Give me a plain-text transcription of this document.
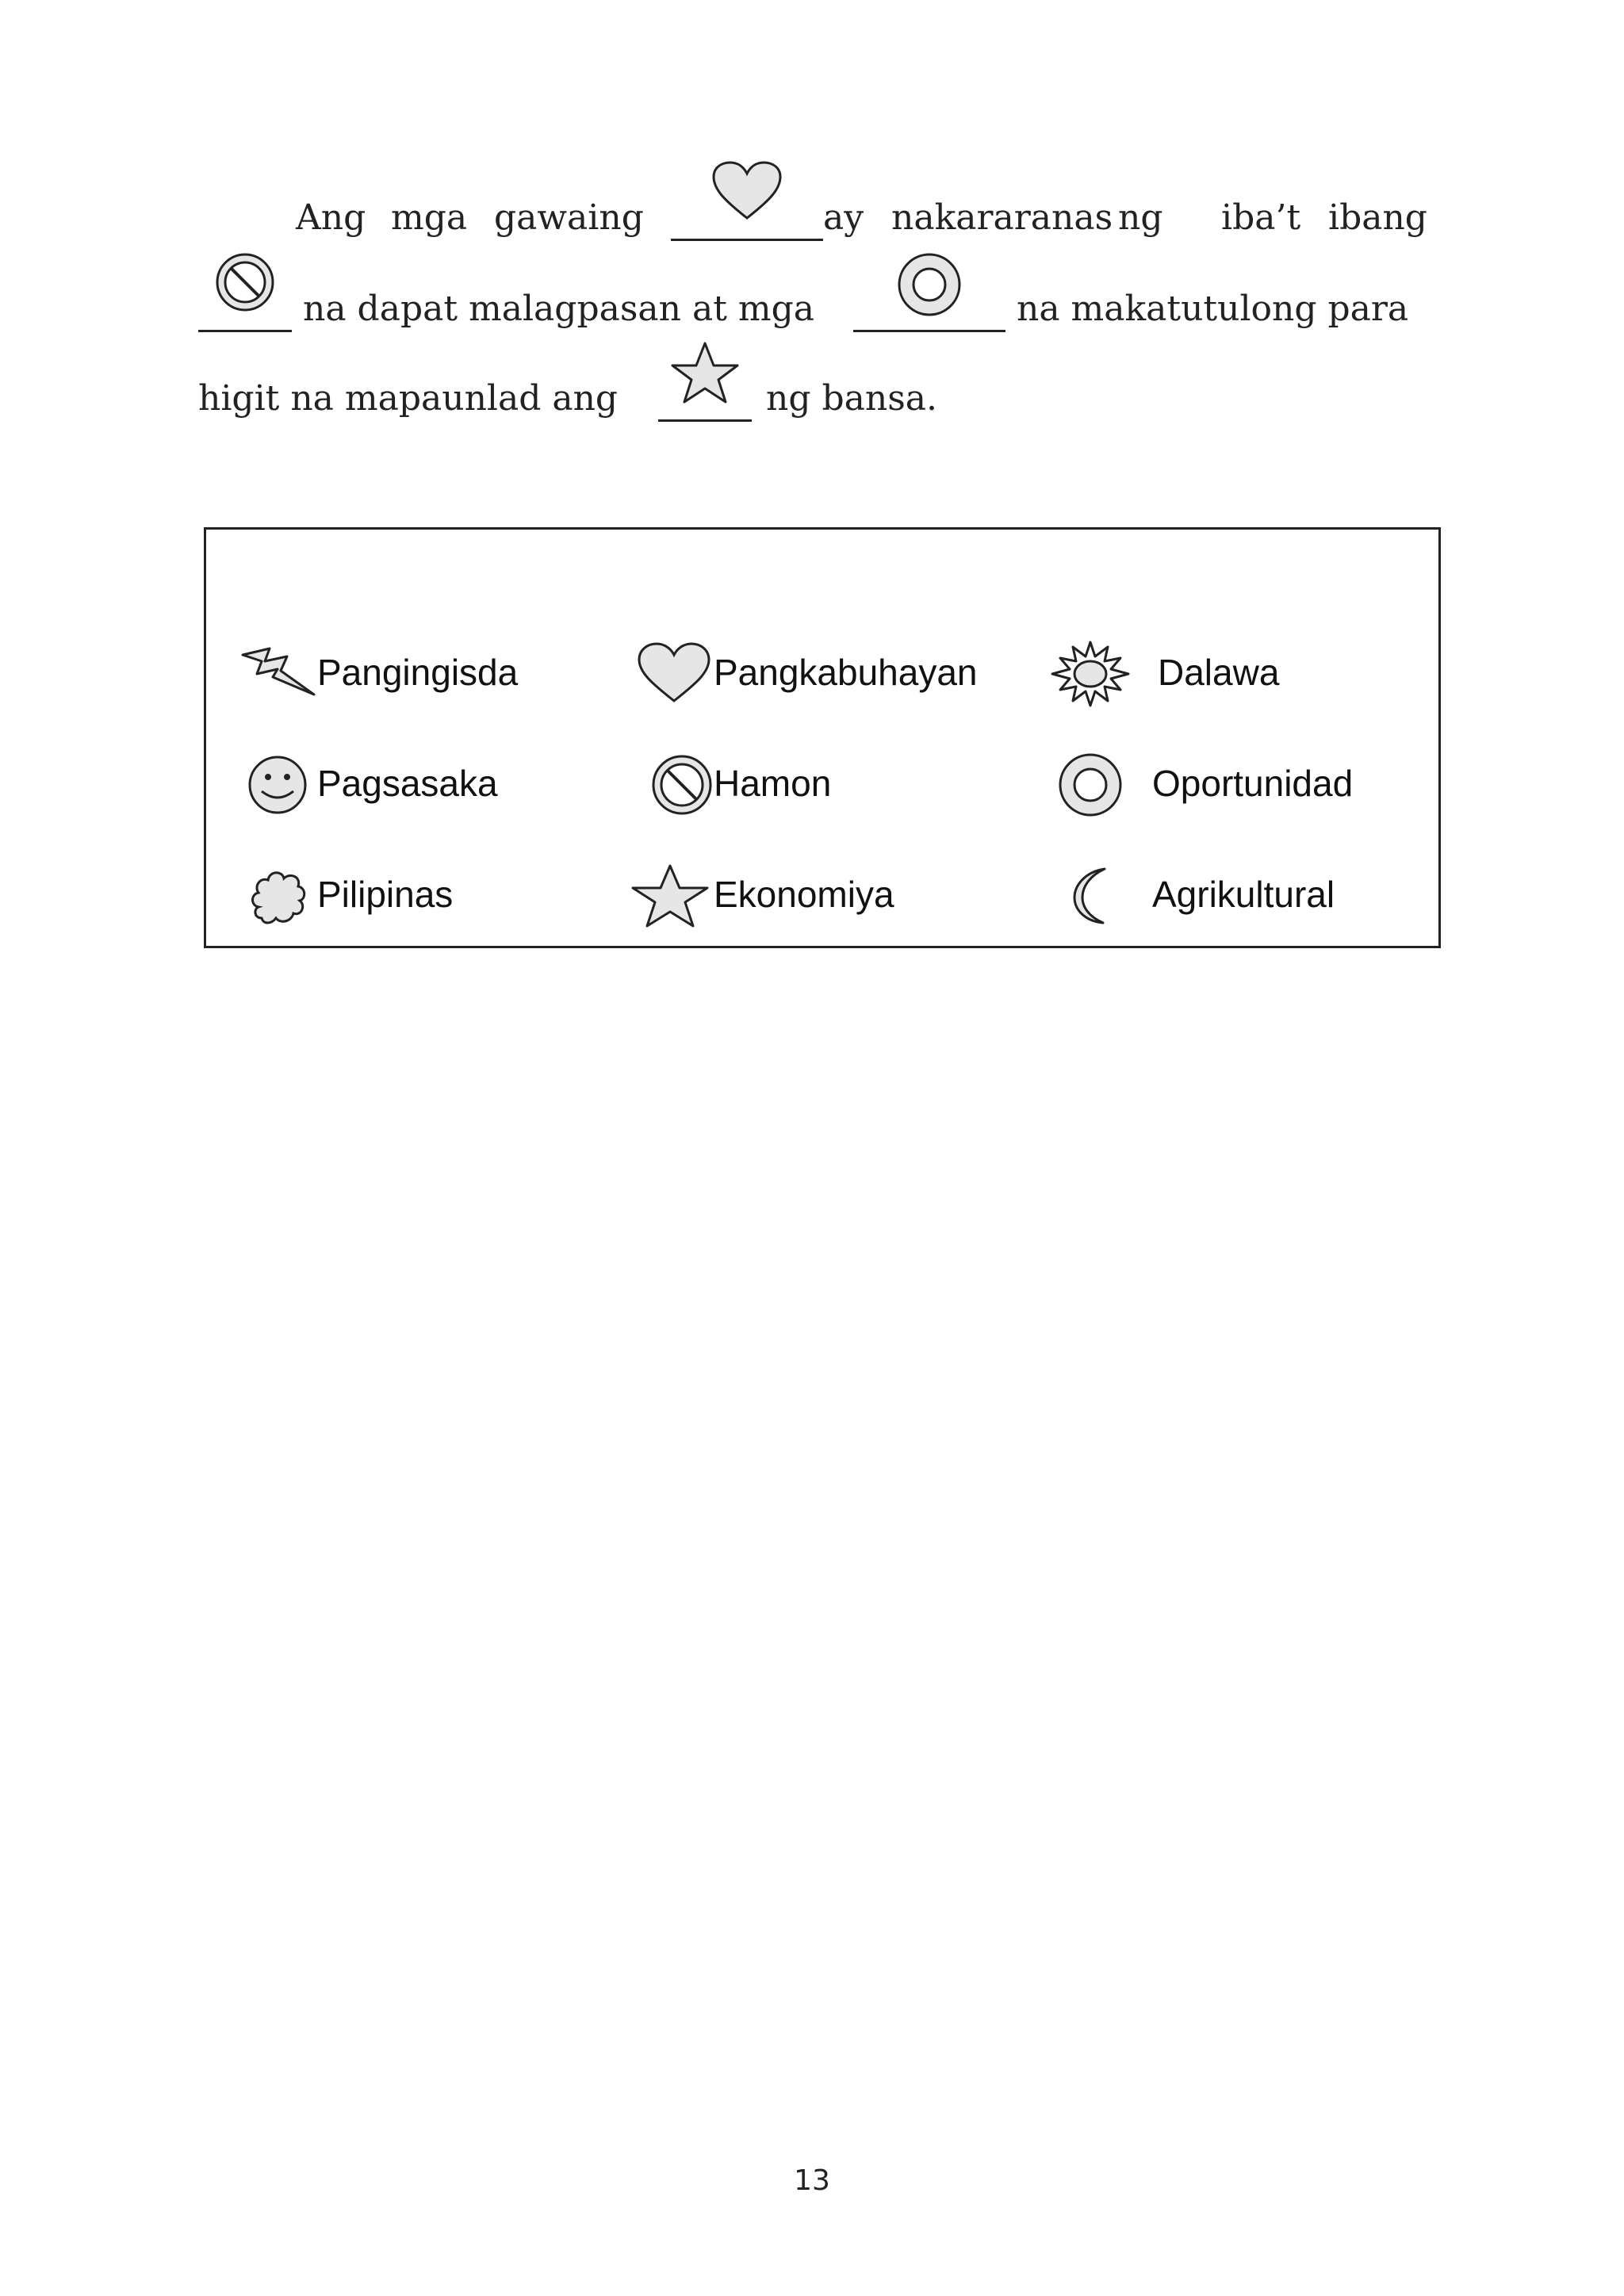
Ang mga gawaing	ay nakararanas ng iba’t ibang
na dapat malagpasan at mga	na makatutulong para
higit na mapaunlad ang	ng bansa.
Pangingisda	Pangkabuhayan	Dalawa
Pagsasaka	Hamon	Oportunidad
Pilipinas	Ekonomiya	Agrikultural
13
